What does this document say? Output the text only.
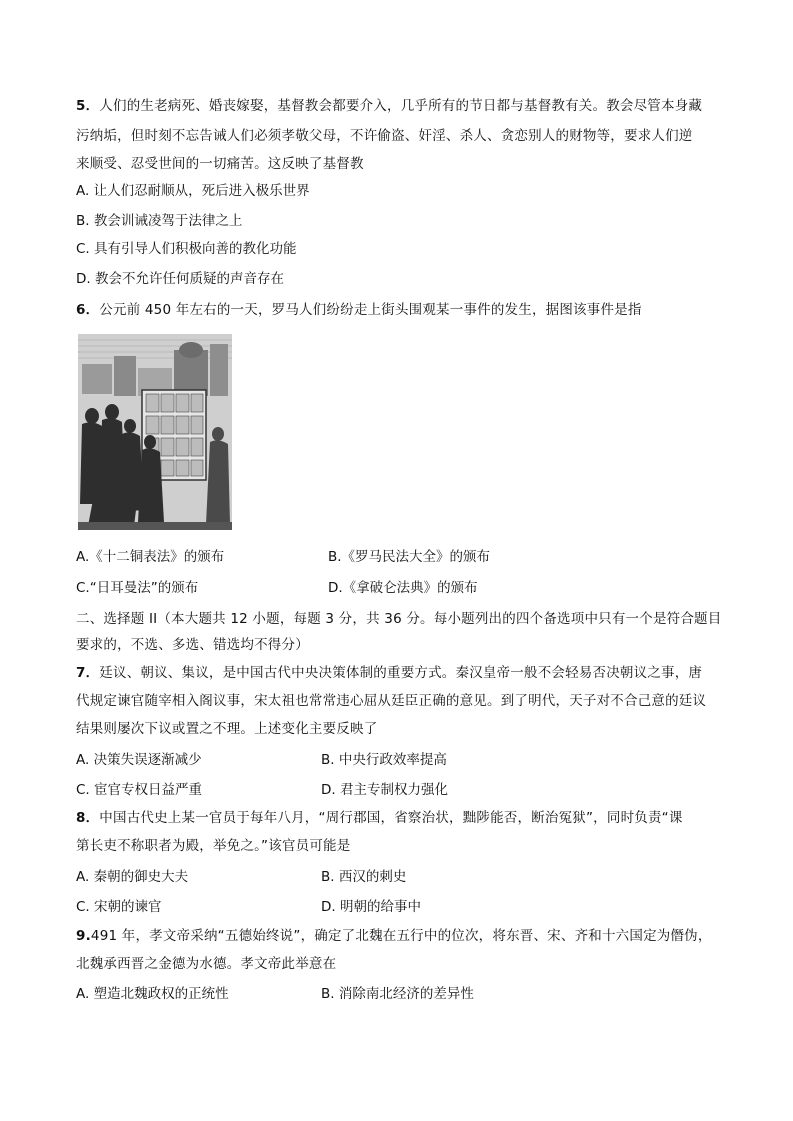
5．人们的生老病死、婚丧嫁娶，基督教会都要介入，几乎所有的节日都与基督教有关。教会尽管本身藏
污纳垢，但时刻不忘告诫人们必须孝敬父母，不许偷盗、奸淫、杀人、贪恋别人的财物等，要求人们逆
来顺受、忍受世间的一切痛苦。这反映了基督教
A. 让人们忍耐顺从，死后进入极乐世界
B. 教会训诫凌驾于法律之上
C. 具有引导人们积极向善的教化功能
D. 教会不允许任何质疑的声音存在
6．公元前 450 年左右的一天，罗马人们纷纷走上街头围观某一事件的发生，据图该事件是指
A.《十二铜表法》的颁布	B.《罗马民法大全》的颁布
C.“日耳曼法”的颁布	D.《拿破仑法典》的颁布
二、选择题 II（本大题共 12 小题，每题 3 分，共 36 分。每小题列出的四个备选项中只有一个是符合题目
要求的，不选、多选、错选均不得分）
7．廷议、朝议、集议，是中国古代中央决策体制的重要方式。秦汉皇帝一般不会轻易否决朝议之事，唐
代规定谏官随宰相入阁议事，宋太祖也常常违心屈从廷臣正确的意见。到了明代，天子对不合己意的廷议
结果则屡次下议或置之不理。上述变化主要反映了
A. 决策失误逐渐减少	B. 中央行政效率提高
C. 宦官专权日益严重	D. 君主专制权力强化
8．中国古代史上某一官员于每年八月，“周行郡国，省察治状，黜陟能否，断治冤狱”，同时负责“课
第长吏不称职者为殿，举免之。”该官员可能是
A. 秦朝的御史大夫	B. 西汉的刺史
C. 宋朝的谏官	D. 明朝的给事中
9.491 年，孝文帝采纳“五德始终说”，确定了北魏在五行中的位次，将东晋、宋、齐和十六国定为僭伪，
北魏承西晋之金德为水德。孝文帝此举意在
A. 塑造北魏政权的正统性	B. 消除南北经济的差异性
